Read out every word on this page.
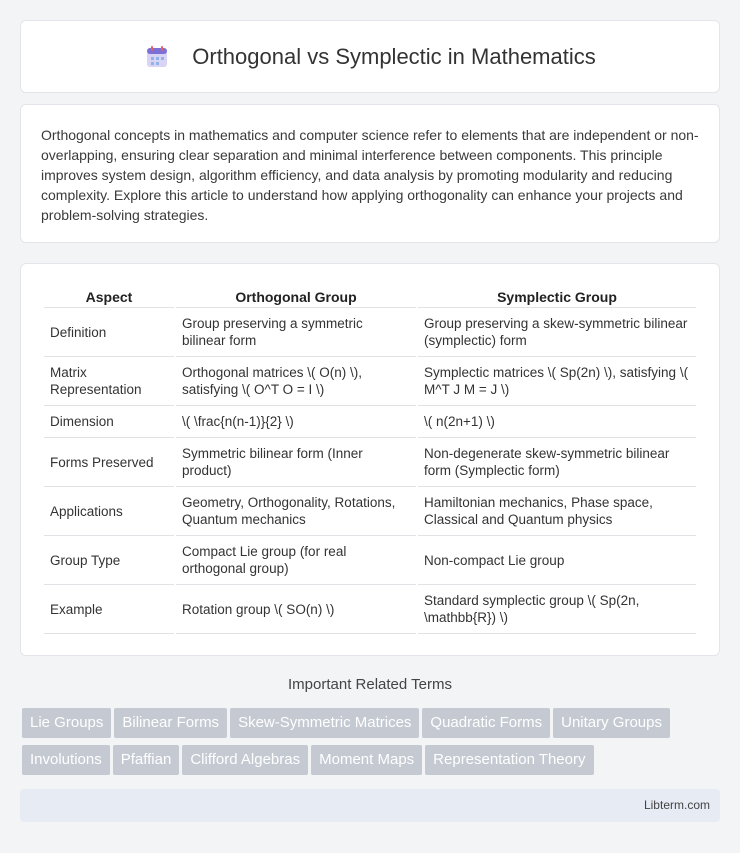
Orthogonal vs Symplectic in Mathematics

Orthogonal concepts in mathematics and computer science refer to elements that are independent or non-overlapping, ensuring clear separation and minimal interference between components. This principle improves system design, algorithm efficiency, and data analysis by promoting modularity and reducing complexity. Explore this article to understand how applying orthogonality can enhance your projects and problem-solving strategies.

Aspect	Orthogonal Group	Symplectic Group
Definition	Group preserving a symmetric bilinear form	Group preserving a skew-symmetric bilinear (symplectic) form
Matrix Representation	Orthogonal matrices \( O(n) \), satisfying \( O^T O = I \)	Symplectic matrices \( Sp(2n) \), satisfying \( M^T J M = J \)
Dimension	\( \frac{n(n-1)}{2} \)	\( n(2n+1) \)
Forms Preserved	Symmetric bilinear form (Inner product)	Non-degenerate skew-symmetric bilinear form (Symplectic form)
Applications	Geometry, Orthogonality, Rotations, Quantum mechanics	Hamiltonian mechanics, Phase space, Classical and Quantum physics
Group Type	Compact Lie group (for real orthogonal group)	Non-compact Lie group
Example	Rotation group \( SO(n) \)	Standard symplectic group \( Sp(2n, \mathbb{R}) \)
Important Related Terms
Lie Groups Bilinear Forms Skew-Symmetric Matrices Quadratic Forms Unitary GroupsInvolutions Pfaffian Clifford Algebras Moment Maps Representation Theory
Libterm.com
